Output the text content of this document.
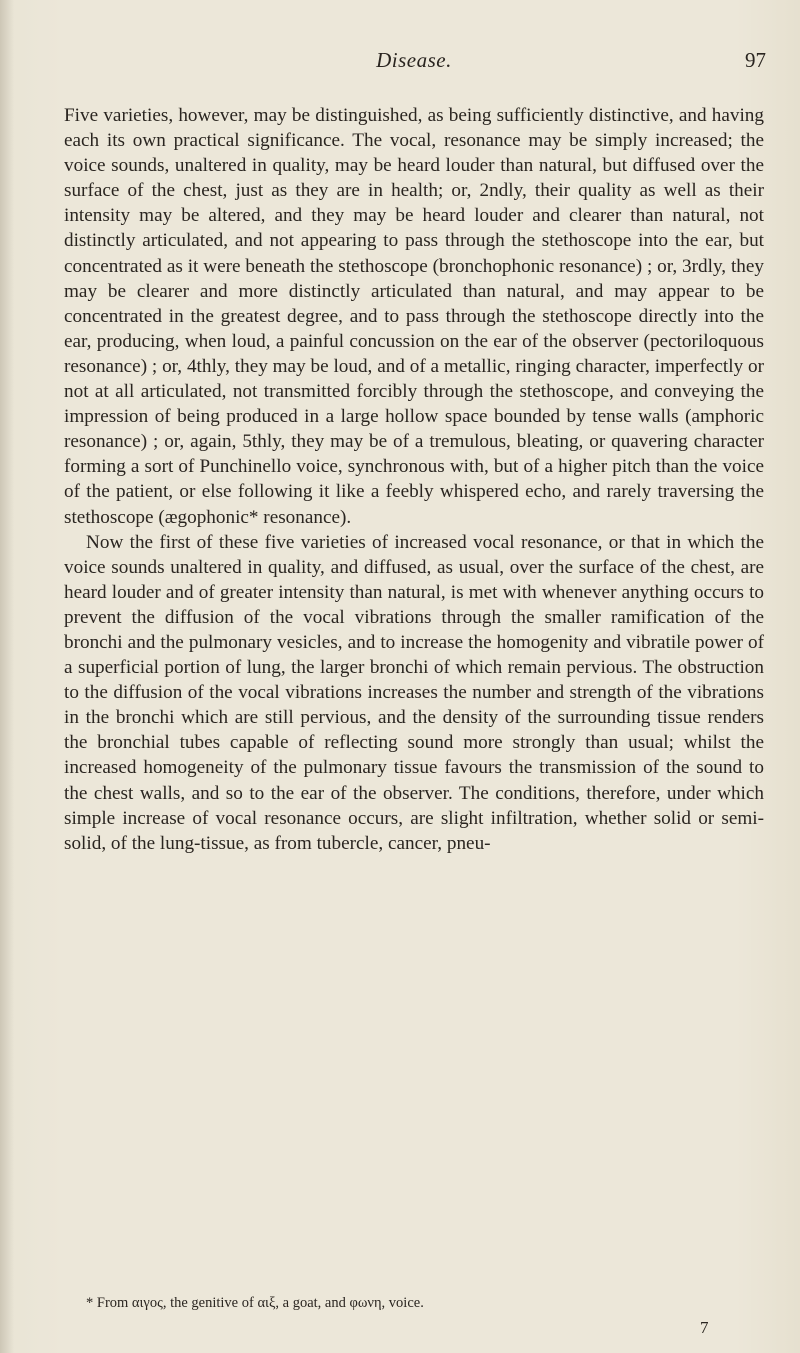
Disease.	97

Five varieties, however, may be distinguished, as being sufficiently distinctive, and having each its own practical significance. The vocal, resonance may be simply increased; the voice sounds, unaltered in quality, may be heard louder than natural, but diffused over the surface of the chest, just as they are in health; or, 2ndly, their quality as well as their intensity may be altered, and they may be heard louder and clearer than natural, not distinctly articulated, and not appearing to pass through the stethoscope into the ear, but concentrated as it were beneath the stethoscope (bronchophonic resonance) ; or, 3rdly, they may be clearer and more distinctly articulated than natural, and may appear to be concentrated in the greatest degree, and to pass through the stethoscope directly into the ear, producing, when loud, a painful concussion on the ear of the observer (pectoriloquous resonance) ; or, 4thly, they may be loud, and of a metallic, ringing character, imperfectly or not at all articulated, not transmitted forcibly through the stethoscope, and conveying the impression of being produced in a large hollow space bounded by tense walls (amphoric resonance) ; or, again, 5thly, they may be of a tremulous, bleating, or quavering character forming a sort of Punchinello voice, synchronous with, but of a higher pitch than the voice of the patient, or else following it like a feebly whispered echo, and rarely traversing the stethoscope (ægophonic* resonance).

Now the first of these five varieties of increased vocal resonance, or that in which the voice sounds unaltered in quality, and diffused, as usual, over the surface of the chest, are heard louder and of greater intensity than natural, is met with whenever anything occurs to prevent the diffusion of the vocal vibrations through the smaller ramification of the bronchi and the pulmonary vesicles, and to increase the homogenity and vibratile power of a superficial portion of lung, the larger bronchi of which remain pervious. The obstruction to the diffusion of the vocal vibrations increases the number and strength of the vibrations in the bronchi which are still pervious, and the density of the surrounding tissue renders the bronchial tubes capable of reflecting sound more strongly than usual; whilst the increased homogeneity of the pulmonary tissue favours the transmission of the sound to the chest walls, and so to the ear of the observer. The conditions, therefore, under which simple increase of vocal resonance occurs, are slight infiltration, whether solid or semi-solid, of the lung-tissue, as from tubercle, cancer, pneu-

* From αιγος, the genitive of αιξ, a goat, and φωνη, voice.
7
